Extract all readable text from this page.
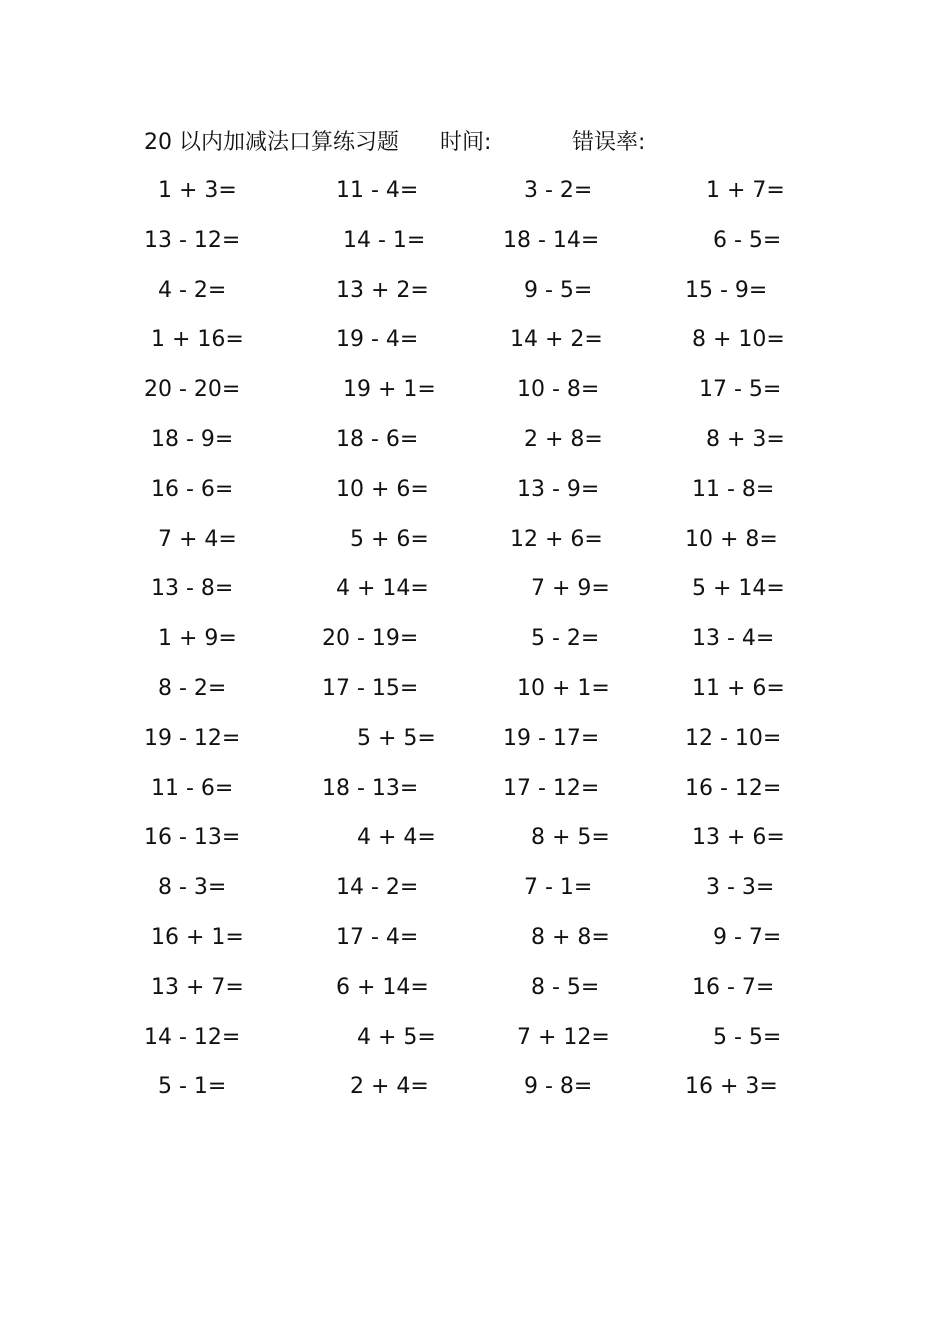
20 以内加减法口算练习题 时间:	错误率:
1 + 3=	11 - 4=	3 - 2=	1 + 7=
13 - 12=	14 - 1=	18 - 14=	6 - 5=
4 - 2=	13 + 2=	9 - 5=	15 - 9=
1 + 16=	19 - 4=	14 + 2=	8 + 10=
20 - 20=	19 + 1=	10 - 8=	17 - 5=
18 - 9=	18 - 6=	2 + 8=	8 + 3=
16 - 6=	10 + 6=	13 - 9=	11 - 8=
7 + 4=	5 + 6=	12 + 6=	10 + 8=
13 - 8=	4 + 14=	7 + 9=	5 + 14=
1 + 9=	20 - 19=	5 - 2=	13 - 4=
8 - 2=	17 - 15=	10 + 1=	11 + 6=
19 - 12=	5 + 5=	19 - 17=	12 - 10=
11 - 6=	18 - 13=	17 - 12=	16 - 12=
16 - 13=	4 + 4=	8 + 5=	13 + 6=
8 - 3=	14 - 2=	7 - 1=	3 - 3=
16 + 1=	17 - 4=	8 + 8=	9 - 7=
13 + 7=	6 + 14=	8 - 5=	16 - 7=
14 - 12=	4 + 5=	7 + 12=	5 - 5=
5 - 1=	2 + 4=	9 - 8=	16 + 3=
